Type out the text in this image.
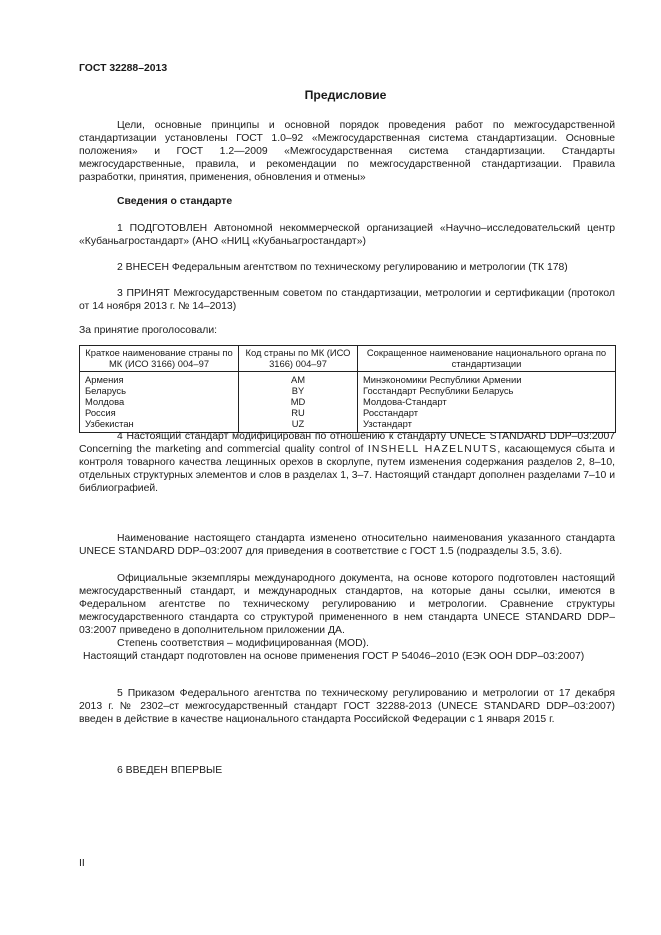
ГОСТ 32288–2013
Предисловие
Цели, основные принципы и основной порядок проведения работ по межгосударственной стандартизации установлены ГОСТ 1.0–92 «Межгосударственная система стандартизации. Основные положения» и ГОСТ 1.2—2009 «Межгосударственная система стандартизации. Стандарты межгосударственные, правила, и рекомендации по межгосударственной стандартизации. Правила разработки, принятия, применения, обновления и отмены»
Сведения о стандарте
1 ПОДГОТОВЛЕН Автономной некоммерческой организацией «Научно–исследовательский центр «Кубаньагростандарт» (АНО «НИЦ «Кубаньагростандарт»)
2 ВНЕСЕН Федеральным агентством по техническому регулированию и метрологии (ТК 178)
3 ПРИНЯТ Межгосударственным советом по стандартизации, метрологии и сертификации (протокол от 14 ноября 2013 г. № 14–2013)
За принятие проголосовали:
Краткое наименование страны по МК (ИСО 3166) 004–97	Код страны по МК (ИСО 3166) 004–97	Сокращенное наименование национального органа по стандартизации
Армения	AM	Минэкономики Республики Армении
Беларусь	BY	Госстандарт Республики Беларусь
Молдова	MD	Молдова-Стандарт
Россия	RU	Росстандарт
Узбекистан	UZ	Узстандарт
4 Настоящий стандарт модифицирован по отношению к стандарту UNECE STANDARD DDP–03:2007 Concerning the marketing and commercial quality control of INSHELL HAZELNUTS, касающемуся сбыта и контроля товарного качества лещинных орехов в скорлупе, путем изменения содержания разделов 2, 8–10, отдельных структурных элементов и слов в разделах 1, 3–7. Настоящий стандарт дополнен разделами 7–10 и библиографией.
Наименование настоящего стандарта изменено относительно наименования указанного стандарта UNECE STANDARD DDP–03:2007 для приведения в соответствие с ГОСТ 1.5 (подразделы 3.5, 3.6).
Официальные экземпляры международного документа, на основе которого подготовлен настоящий межгосударственный стандарт, и международных стандартов, на которые даны ссылки, имеются в Федеральном агентстве по техническому регулированию и метрологии. Сравнение структуры межгосударственного стандарта со структурой примененного в нем стандарта UNECE STANDARD DDP–03:2007 приведено в дополнительном приложении ДА.
Степень соответствия – модифицированная (MOD).
Настоящий стандарт подготовлен на основе применения ГОСТ Р 54046–2010 (ЕЭК ООН DDP–03:2007)
5 Приказом Федерального агентства по техническому регулированию и метрологии от 17 декабря 2013 г. № 2302–ст межгосударственный стандарт ГОСТ 32288-2013 (UNECE STANDARD DDP–03:2007) введен в действие в качестве национального стандарта Российской Федерации с 1 января 2015 г.
6 ВВЕДЕН ВПЕРВЫЕ
II
